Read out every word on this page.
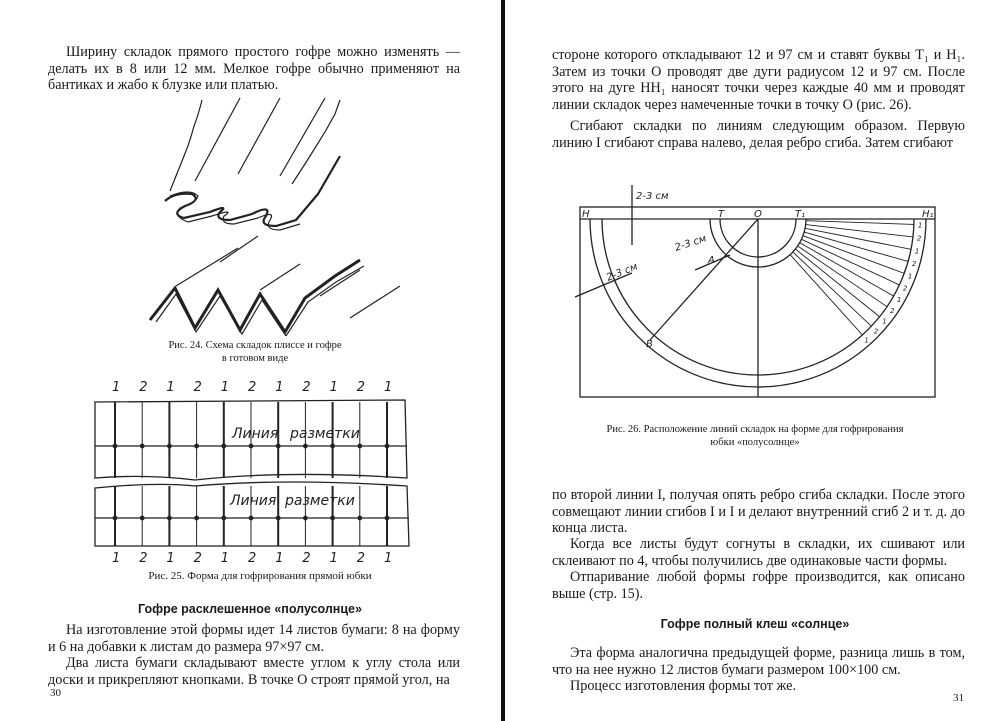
Ширину складок прямого простого гофре можно изменять — делать их в 8 или 12 мм. Мелкое гофре обычно применяют на бантиках и жабо к блузке или платью.
Рис. 24. Схема складок плиссе и гофре
в готовом виде
1 2 1 2 1 2 1 2 1 2 1
Линия разметки
Линия разметки
1 2 1 2 1 2 1 2 1 2 1
Рис. 25. Форма для гофрирования прямой юбки
Гофре расклешенное «полусолнце»
На изготовление этой формы идет 14 листов бумаги: 8 на форму и 6 на добавки к листам до размера 97×97 см.
Два листа бумаги складывают вместе углом к углу стола или доски и прикрепляют кнопками. В точке О строят прямой угол, на
30
стороне которого откладывают 12 и 97 см и ставят буквы T₁ и H₁. Затем из точки О проводят две дуги радиусом 12 и 97 см. После этого на дуге HH₁ наносят точки через каждые 40 мм и проводят линии складок через намеченные точки в точку О (рис. 26).
Сгибают складки по линиям следующим образом. Первую линию I сгибают справа налево, делая ребро сгиба. Затем сгибают
H	T	O	T₁	H₁
A
B
2-3 см
2-3 см
2-3 см
1
2
1
2
1
2
1
2
1
2
1
Рис. 26. Расположение линий складок на форме для гофрирования
юбки «полусолнце»
по второй линии I, получая опять ребро сгиба складки. После этого совмещают линии сгибов I и I и делают внутренний сгиб 2 и т. д. до конца листа.
Когда все листы будут согнуты в складки, их сшивают или склеивают по 4, чтобы получились две одинаковые части формы.
Отпаривание любой формы гофре производится, как описано выше (стр. 15).
Гофре полный клеш «солнце»
Эта форма аналогична предыдущей форме, разница лишь в том, что на нее нужно 12 листов бумаги размером 100×100 см.
Процесс изготовления формы тот же.
31
